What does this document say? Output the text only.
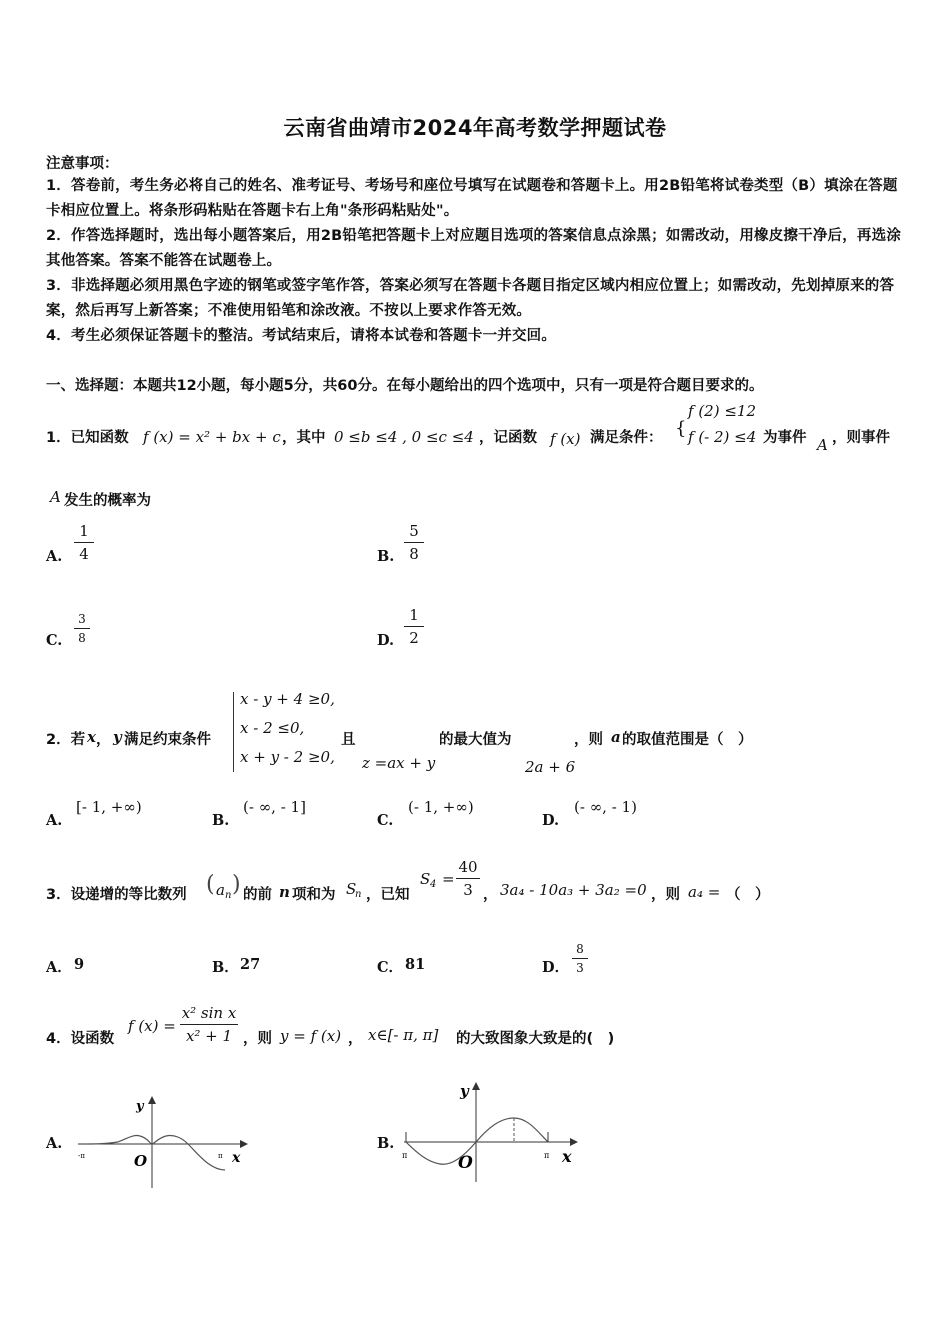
云南省曲靖市2024年高考数学押题试卷
注意事项：
1．答卷前，考生务必将自己的姓名、准考证号、考场号和座位号填写在试题卷和答题卡上。用2B铅笔将试卷类型（B）填涂在答题卡相应位置上。将条形码粘贴在答题卡右上角"条形码粘贴处"。
2．作答选择题时，选出每小题答案后，用2B铅笔把答题卡上对应题目选项的答案信息点涂黑；如需改动，用橡皮擦干净后，再选涂其他答案。答案不能答在试题卷上。
3．非选择题必须用黑色字迹的钢笔或签字笔作答，答案必须写在答题卡各题目指定区域内相应位置上；如需改动，先划掉原来的答案，然后再写上新答案；不准使用铅笔和涂改液。不按以上要求作答无效。
4．考生必须保证答题卡的整洁。考试结束后，请将本试卷和答题卡一并交回。
一、选择题：本题共12小题，每小题5分，共60分。在每小题给出的四个选项中，只有一项是符合题目要求的。
1．已知函数 f (x) = x² + bx + c ，其中 0 ≤b ≤4 , 0 ≤c ≤4 ，记函数 f (x) 满足条件： {
f (2) ≤12
f (- 2) ≤4 为事件 A ，则事件
A 发生的概率为
A. $\frac{1}{4}$	B. $\frac{5}{8}$
C. $\frac{3}{8}$	D. $\frac{1}{2}$
2．若 x ， y 满足约束条件
x - y + 4 ≥0,
x - 2 ≤0,
x + y - 2 ≥0,
且
z =ax + y
的最大值为
2a + 6
，则 a 的取值范围是（　）
A.
[- 1, +∞)
B.
(- ∞, - 1]
C.
(- 1, +∞)
D.
(- ∞, - 1)
3．设递增的等比数列 ( a n ) 的前 n 项和为 S
n ，已知
S $4 = \frac{40}{3}$ ， 3a₄ - 10a₃ + 3a₂ =0 ，则 a₄ = （　）
A． 9	B． 27	C． 81	D． $\frac{8}{3}$
4．设函数
f $(x) = \frac{\text{x² sin x}}{\text{x² + 1}}$ ，则 y = f (x) ， x∈[- π, π] 的大致图象大致是的(　)
A.
y
O	x
-π	π
B.
y
O	x
π	π
